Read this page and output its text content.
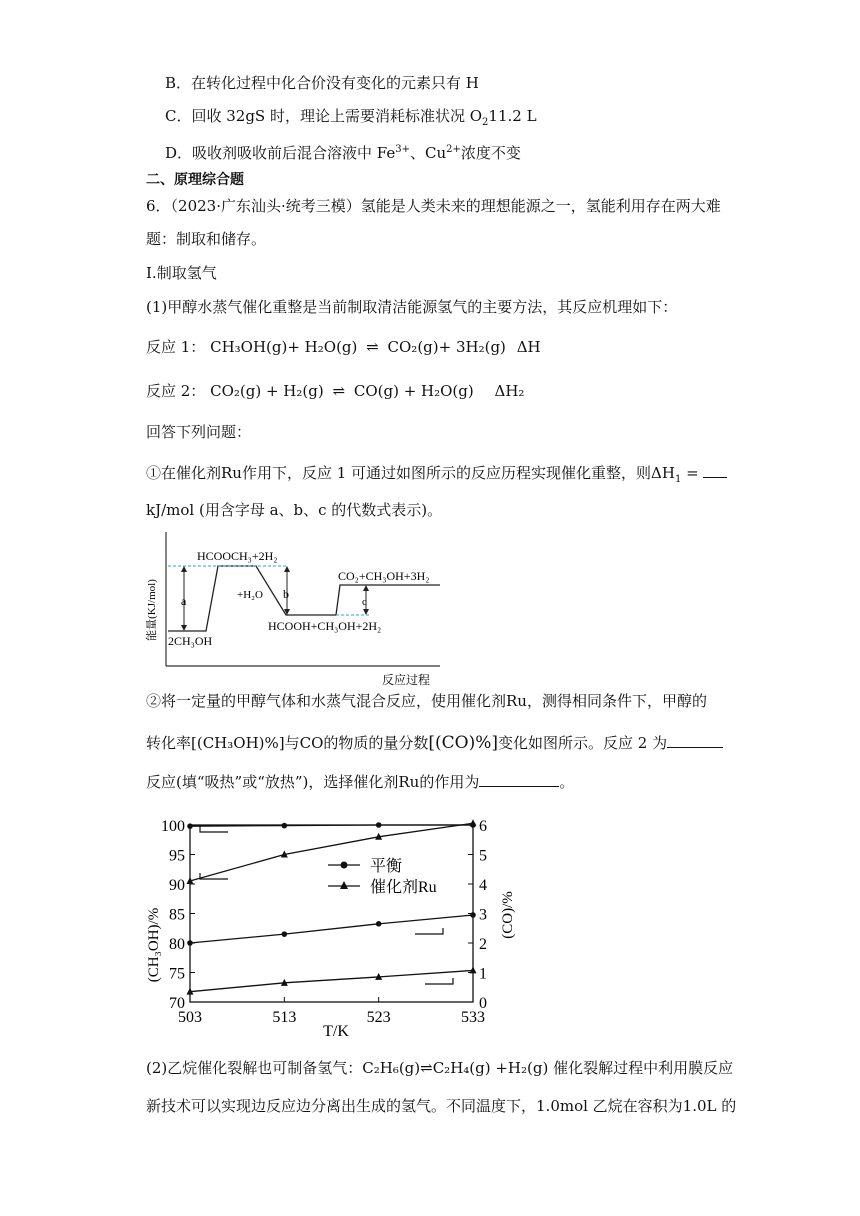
B．在转化过程中化合价没有变化的元素只有 H
C．回收 32gS 时，理论上需要消耗标准状况 $O_211.2$ L
D．吸收剂吸收前后混合溶液中 $Fe^{3+}$、$Cu^{2+}$浓度不变
二、原理综合题
6．（2023·广东汕头·统考三模）氢能是人类未来的理想能源之一，氢能利用存在两大难
题：制取和储存。
I.制取氢气
(1)甲醇水蒸气催化重整是当前制取清洁能源氢气的主要方法，其反应机理如下：
反应 1： CH₃OH(g)+ H₂O(g) ⇌ CO₂(g)+ 3H₂(g) ΔH
反应 2： CO₂(g) + H₂(g) ⇌ CO(g) + H₂O(g) ΔH₂
回答下列问题：
①在催化剂Ru作用下，反应 1 可通过如图所示的反应历程实现催化重整，则$\Delta H_1$ =
kJ/mol (用含字母 a、b、c 的代数式表示)。
能量(KJ/mol) a	b
c
2CH₃OH
HCOOCH₃+2H₂
HCOOH+CH₃OH+2H₂
CO₂+CH₃OH+3H₂
+H₂O
反应过程
②将一定量的甲醇气体和水蒸气混合反应，使用催化剂Ru，测得相同条件下，甲醇的
转化率[(CH₃OH)%]与CO的物质的量分数[(CO)%]变化如图所示。反应 2 为
反应(填“吸热”或“放热”)，选择催化剂Ru的作用为	。
70
75
80
85
90
95
100
0
1
2
3
4
5
6
503	513	523	533
平衡
催化剂Ru
(CH₃OH)/%	(CO)/%
T/K
(2)乙烷催化裂解也可制备氢气：C₂H₆(g)⇌C₂H₄(g) +H₂(g) 催化裂解过程中利用膜反应
新技术可以实现边反应边分离出生成的氢气。不同温度下，1.0mol 乙烷在容积为1.0L 的
